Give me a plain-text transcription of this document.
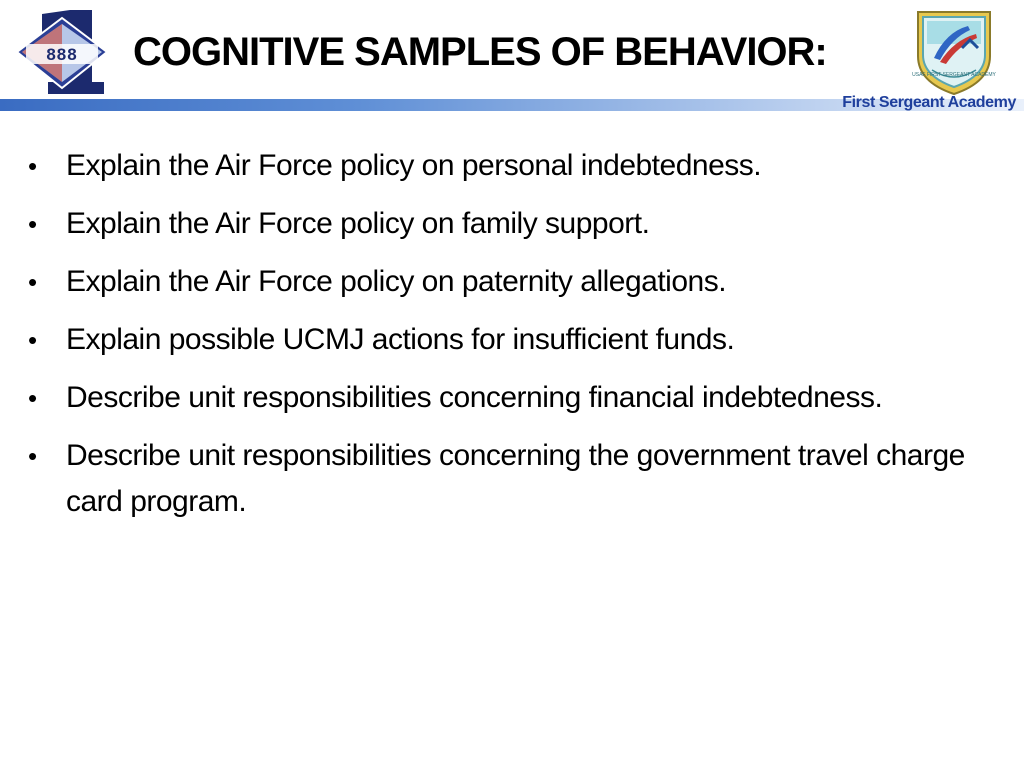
888 COGNITIVE SAMPLES OF BEHAVIOR:
USAF FIRST SERGEANT ACADEMY
First Sergeant Academy
• Explain the Air Force policy on personal indebtedness.
• Explain the Air Force policy on family support.
• Explain the Air Force policy on paternity allegations.
• Explain possible UCMJ actions for insufficient funds.
• Describe unit responsibilities concerning financial indebtedness.
• Describe unit responsibilities concerning the government travel charge card program.
